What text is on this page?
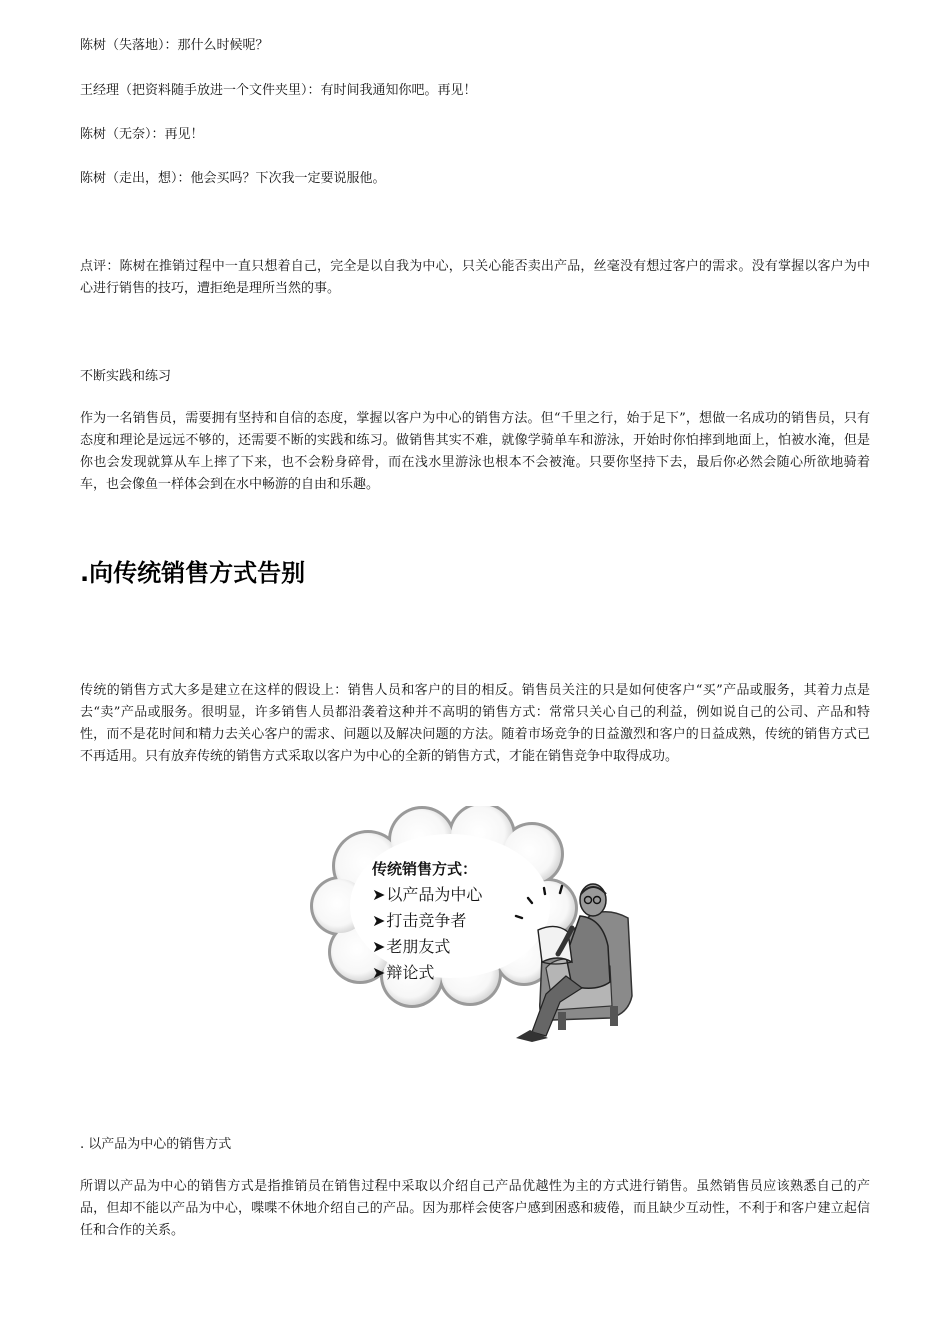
陈树（失落地）：那什么时候呢？

王经理（把资料随手放进一个文件夹里）：有时间我通知你吧。再见！

陈树（无奈）：再见！

陈树（走出，想）：他会买吗？下次我一定要说服他。

点评：陈树在推销过程中一直只想着自己，完全是以自我为中心，只关心能否卖出产品，丝毫没有想过客户的需求。没有掌握以客户为中心进行销售的技巧，遭拒绝是理所当然的事。

不断实践和练习

作为一名销售员，需要拥有坚持和自信的态度，掌握以客户为中心的销售方法。但“千里之行，始于足下”，想做一名成功的销售员，只有态度和理论是远远不够的，还需要不断的实践和练习。做销售其实不难，就像学骑单车和游泳，开始时你怕摔到地面上，怕被水淹，但是你也会发现就算从车上摔了下来，也不会粉身碎骨，而在浅水里游泳也根本不会被淹。只要你坚持下去，最后你必然会随心所欲地骑着车，也会像鱼一样体会到在水中畅游的自由和乐趣。

.向传统销售方式告别

传统的销售方式大多是建立在这样的假设上：销售人员和客户的目的相反。销售员关注的只是如何使客户“买”产品或服务，其着力点是去“卖”产品或服务。很明显，许多销售人员都沿袭着这种并不高明的销售方式：常常只关心自己的利益，例如说自己的公司、产品和特性，而不是花时间和精力去关心客户的需求、问题以及解决问题的方法。随着市场竞争的日益激烈和客户的日益成熟，传统的销售方式已不再适用。只有放弃传统的销售方式采取以客户为中心的全新的销售方式，才能在销售竞争中取得成功。

传统销售方式：
➤以产品为中心
➤打击竞争者
➤老朋友式
➤辩论式

. 以产品为中心的销售方式

所谓以产品为中心的销售方式是指推销员在销售过程中采取以介绍自己产品优越性为主的方式进行销售。虽然销售员应该熟悉自己的产品，但却不能以产品为中心，喋喋不休地介绍自己的产品。因为那样会使客户感到困惑和疲倦，而且缺少互动性，不利于和客户建立起信任和合作的关系。
